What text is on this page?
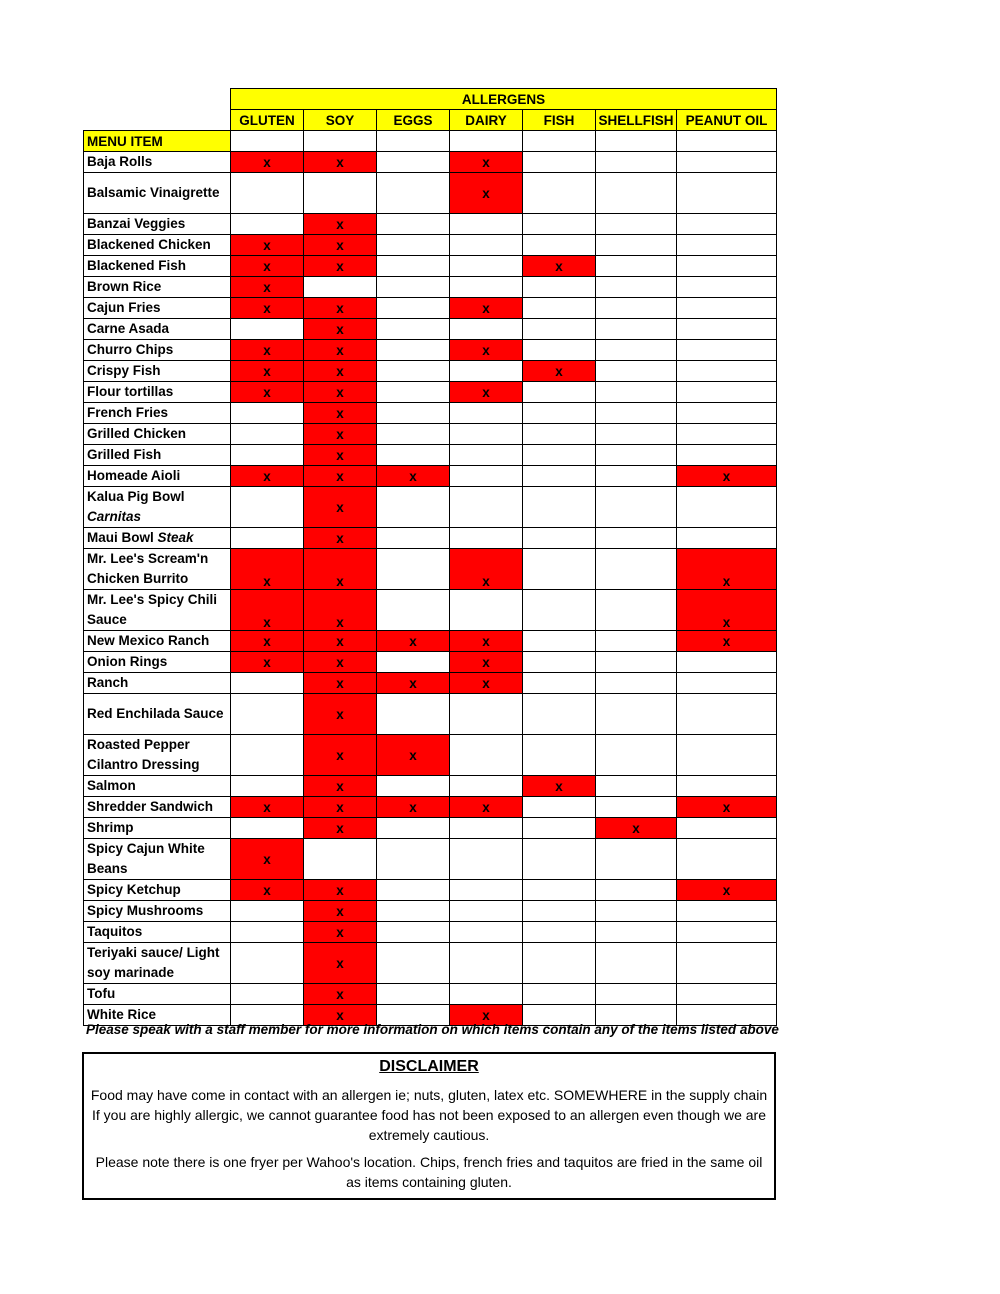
	ALLERGENS						
	GLUTEN	SOY	EGGS	DAIRY	FISH	SHELLFISH	PEANUT OIL
MENU ITEM							
Baja Rolls	x	x		x			
Balsamic Vinaigrette				x			
Banzai Veggies		x					
Blackened Chicken	x	x					
Blackened Fish	x	x			x		
Brown Rice	x						
Cajun Fries	x	x		x			
Carne Asada		x					
Churro Chips	x	x		x			
Crispy Fish	x	x			x		
Flour tortillas	x	x		x			
French Fries		x					
Grilled Chicken		x					
Grilled Fish		x					
Homeade Aioli	x	x	x				x
Kalua Pig Bowl
Carnitas		x					
Maui Bowl Steak		x					
Mr. Lee's Scream'n Chicken Burrito	x	x		x			x
Mr. Lee's Spicy Chili Sauce	x	x					x
New Mexico Ranch	x	x	x	x			x
Onion Rings	x	x		x			
Ranch		x	x	x			
Red Enchilada Sauce		x					
Roasted Pepper Cilantro Dressing		x	x				
Salmon		x			x		
Shredder Sandwich	x	x	x	x			x
Shrimp		x				x	
Spicy Cajun White Beans	x						
Spicy Ketchup	x	x					x
Spicy Mushrooms		x					
Taquitos		x					
Teriyaki sauce/ Light soy marinade		x					
Tofu		x					
White Rice		x		x			
Please speak with a staff member for more information on which items contain any of the items listed above
DISCLAIMER

Food may have come in contact with an allergen ie; nuts, gluten, latex etc. SOMEWHERE in the supply chain If you are highly allergic, we cannot guarantee food has not been exposed to an allergen even though we are extremely cautious.

Please note there is one fryer per Wahoo's location. Chips, french fries and taquitos are fried in the same oil as items containing gluten.
